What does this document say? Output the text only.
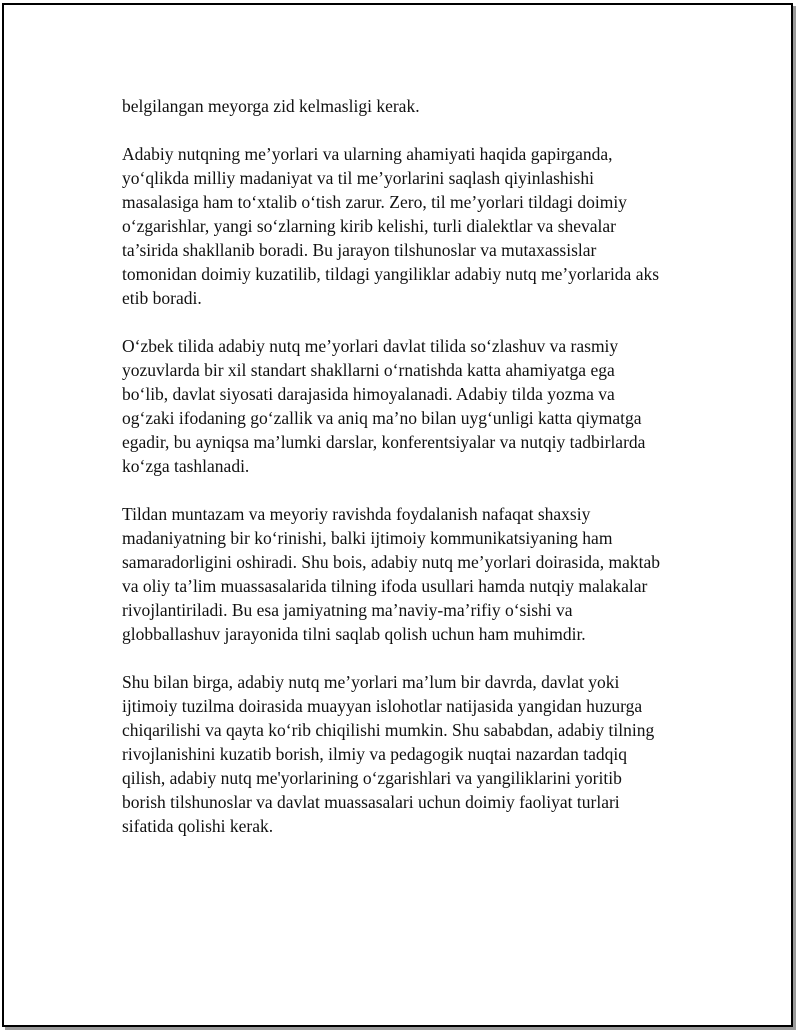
belgilangan meyorga zid kelmasligi kerak.

Adabiy nutqning me’yorlari va ularning ahamiyati haqida gapirganda,
yo‘qlikda milliy madaniyat va til me’yorlarini saqlash qiyinlashishi
masalasiga ham to‘xtalib o‘tish zarur. Zero, til me’yorlari tildagi doimiy
o‘zgarishlar, yangi so‘zlarning kirib kelishi, turli dialektlar va shevalar
ta’sirida shakllanib boradi. Bu jarayon tilshunoslar va mutaxassislar
tomonidan doimiy kuzatilib, tildagi yangiliklar adabiy nutq me’yorlarida aks
etib boradi.

O‘zbek tilida adabiy nutq me’yorlari davlat tilida so‘zlashuv va rasmiy
yozuvlarda bir xil standart shakllarni o‘rnatishda katta ahamiyatga ega
bo‘lib, davlat siyosati darajasida himoyalanadi. Adabiy tilda yozma va
og‘zaki ifodaning go‘zallik va aniq ma’no bilan uyg‘unligi katta qiymatga
egadir, bu ayniqsa ma’lumki darslar, konferentsiyalar va nutqiy tadbirlarda
ko‘zga tashlanadi.

Tildan muntazam va meyoriy ravishda foydalanish nafaqat shaxsiy
madaniyatning bir ko‘rinishi, balki ijtimoiy kommunikatsiyaning ham
samaradorligini oshiradi. Shu bois, adabiy nutq me’yorlari doirasida, maktab
va oliy ta’lim muassasalarida tilning ifoda usullari hamda nutqiy malakalar
rivojlantiriladi. Bu esa jamiyatning ma’naviy-ma’rifiy o‘sishi va
globballashuv jarayonida tilni saqlab qolish uchun ham muhimdir.

Shu bilan birga, adabiy nutq me’yorlari ma’lum bir davrda, davlat yoki
ijtimoiy tuzilma doirasida muayyan islohotlar natijasida yangidan huzurga
chiqarilishi va qayta ko‘rib chiqilishi mumkin. Shu sababdan, adabiy tilning
rivojlanishini kuzatib borish, ilmiy va pedagogik nuqtai nazardan tadqiq
qilish, adabiy nutq me'yorlarining o‘zgarishlari va yangiliklarini yoritib
borish tilshunoslar va davlat muassasalari uchun doimiy faoliyat turlari
sifatida qolishi kerak.
